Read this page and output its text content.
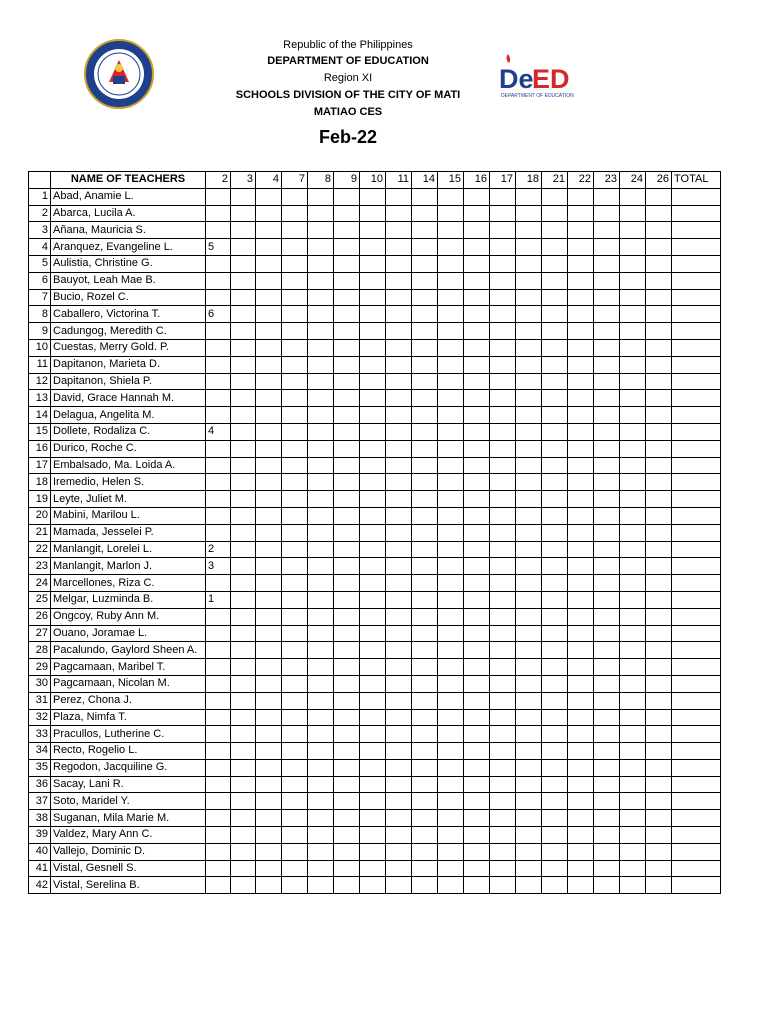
Republic of the Philippines
DEPARTMENT OF EDUCATION
Region XI
SCHOOLS DIVISION OF THE CITY OF MATI
MATIAO CES
Feb-22
De
ED
DEPARTMENT OF EDUCATION
	NAME OF TEACHERS	2	3	4	7	8	9	10	11	14	15	16	17	18	21	22	23	24	26	TOTAL
1	Abad, Anamie L.																			
2	Abarca, Lucila A.																			
3	Añana, Mauricia S.																			
4	Aranquez, Evangeline L.	5																		
5	Aulistia, Christine G.																			
6	Bauyot, Leah Mae B.																			
7	Bucio, Rozel C.																			
8	Caballero, Victorina T.	6																		
9	Cadungog, Meredith C.																			
10	Cuestas, Merry Gold. P.																			
11	Dapitanon, Marieta D.																			
12	Dapitanon, Shiela P.																			
13	David, Grace Hannah M.																			
14	Delagua, Angelita M.																			
15	Dollete, Rodaliza C.	4																		
16	Durico, Roche C.																			
17	Embalsado, Ma. Loida A.																			
18	Iremedio, Helen S.																			
19	Leyte, Juliet M.																			
20	Mabini, Marilou L.																			
21	Mamada, Jesselei P.																			
22	Manlangit, Lorelei L.	2																		
23	Manlangit, Marlon J.	3																		
24	Marcellones, Riza C.																			
25	Melgar, Luzminda B.	1																		
26	Ongcoy, Ruby Ann M.																			
27	Ouano, Joramae L.																			
28	Pacalundo, Gaylord Sheen A.																			
29	Pagcamaan, Maribel T.																			
30	Pagcamaan, Nicolan M.																			
31	Perez, Chona J.																			
32	Plaza, Nimfa T.																			
33	Pracullos, Lutherine C.																			
34	Recto, Rogelio L.																			
35	Regodon, Jacquiline G.																			
36	Sacay, Lani R.																			
37	Soto, Maridel Y.																			
38	Suganan, Mila Marie M.																			
39	Valdez, Mary Ann C.																			
40	Vallejo, Dominic D.																			
41	Vistal, Gesnell S.																			
42	Vistal, Serelina B.																			
